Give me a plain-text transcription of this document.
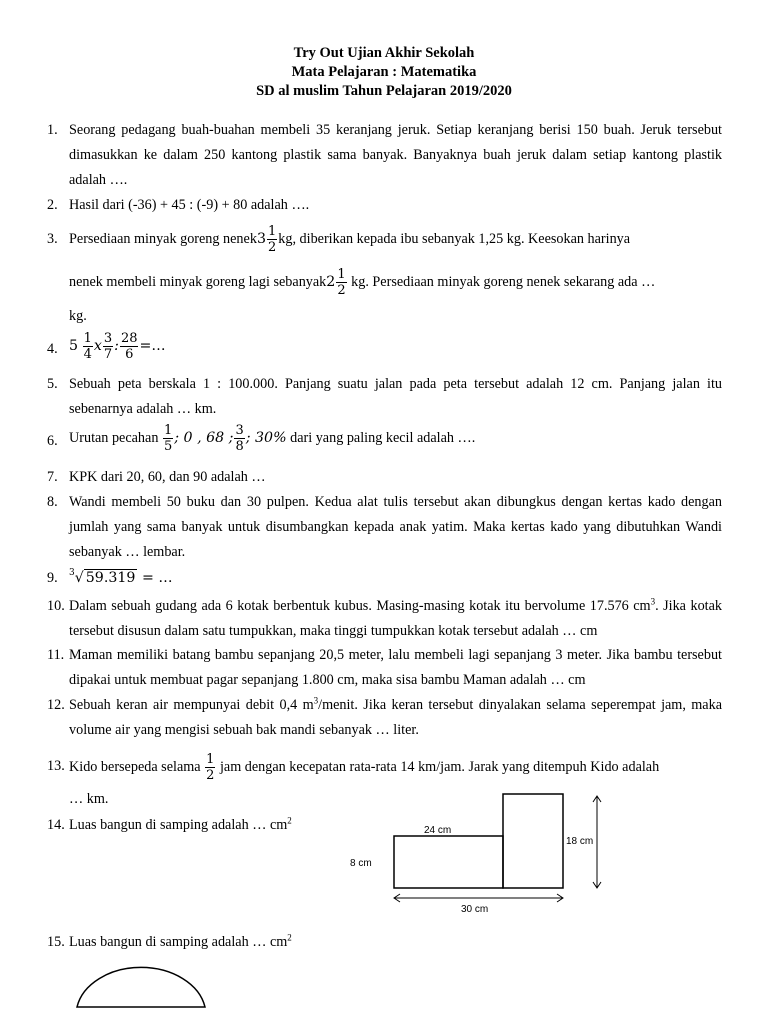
Try Out Ujian Akhir Sekolah
Mata Pelajaran : Matematika
SD al muslim Tahun Pelajaran 2019/2020
1. Seorang pedagang buah-buahan membeli 35 keranjang jeruk. Setiap keranjang berisi 150 buah. Jeruk tersebut dimasukkan ke dalam 250 kantong plastik sama banyak. Banyaknya buah jeruk dalam setiap kantong plastik adalah ….
2. Hasil dari (-36) + 45 : (-9) + 80 adalah ….
3. Persediaan minyak goreng nenek3 $\frac{1}{2}$ kg, diberikan kepada ibu sebanyak 1,25 kg. Keesokan harinya
nenek membeli minyak goreng lagi sebanyak2 $\frac{1}{2}$ kg. Persediaan minyak goreng nenek sekarang ada …
kg.
4. $5 \frac{1}{4}$ x $\frac{3}{7}$ : $\frac{28}{6}$ =…
5. Sebuah peta berskala 1 : 100.000. Panjang suatu jalan pada peta tersebut adalah 12 cm. Panjang jalan itu sebenarnya adalah … km.
6. Urutan pecahan $\frac{1}{5}$ ; 0 , 68 ; $\frac{3}{8}$ ; 30% dari yang paling kecil adalah ….
7. KPK dari 20, 60, dan 90 adalah …
8. Wandi membeli 50 buku dan 30 pulpen. Kedua alat tulis tersebut akan dibungkus dengan kertas kado dengan jumlah yang sama banyak untuk disumbangkan kepada anak yatim. Maka kertas kado yang dibutuhkan Wandi sebanyak … lembar.
9. $^3$√ 59.319 = …
10. Dalam sebuah gudang ada 6 kotak berbentuk kubus. Masing-masing kotak itu bervolume 17.576 $cm^3$. Jika kotak tersebut disusun dalam satu tumpukkan, maka tinggi tumpukkan kotak tersebut adalah … cm
11. Maman memiliki batang bambu sepanjang 20,5 meter, lalu membeli lagi sepanjang 3 meter. Jika bambu tersebut dipakai untuk membuat pagar sepanjang 1.800 cm, maka sisa bambu Maman adalah … cm
12. Sebuah keran air mempunyai debit 0,4 $m^3$/menit. Jika keran tersebut dinyalakan selama seperempat jam, maka volume air yang mengisi sebuah bak mandi sebanyak … liter.
13. Kido bersepeda selama $\frac{1}{2}$ jam dengan kecepatan rata-rata 14 km/jam. Jarak yang ditempuh Kido adalah
… km.
14. Luas bangun di samping adalah … $cm^2$
24 cm
8 cm
18 cm
30 cm
15. Luas bangun di samping adalah … $cm^2$
